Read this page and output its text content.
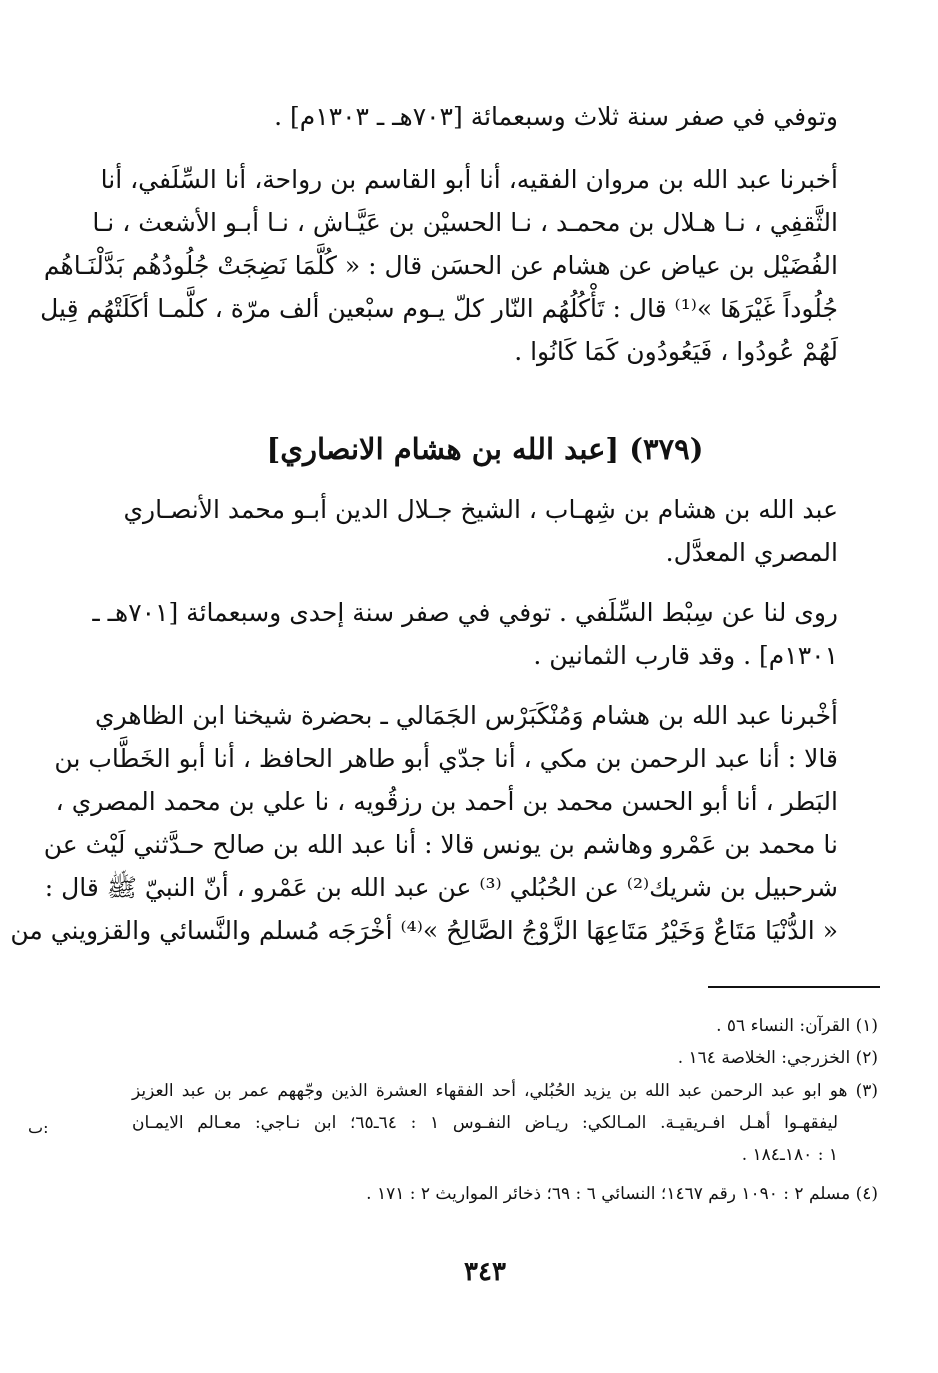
وتوفي في صفر سنة ثلاث وسبعمائة [٧٠٣هـ ـ ١٣٠٣م] .
أخبرنا عبد الله بن مروان الفقيه، أنا أبو القاسم بن رواحة، أنا السِّلَفي، أنا
الثَّقفِي ، نـا هـلال بن محمـد ، نـا الحسيْن بن عَيَّـاش ، نـا أبـو الأشعث ، نـا
الفُضَيْل بن عياض عن هشام عن الحسَن قال : « كُلَّمَا نَضِجَتْ جُلُودُهُم بَدَّلْنَـاهُم
جُلُوداً غَيْرَهَا »⁽¹⁾ قال : تَأْكُلُهُم النّار كلّ يـوم سبْعين ألف مرّة ، كلَّمـا أكَلَتْهُم قِيل
لَهُمْ عُودُوا ، فَيَعُودُون كَمَا كَانُوا .
(٣٧٩) [عبد الله بن هشام الانصاري]
عبد الله بن هشام بن شِهـاب ، الشيخ جـلال الدين أبـو محمد الأنصـاري
المصري المعدَّل.
روى لنا عن سِبْط السِّلَفي . توفي في صفر سنة إحدى وسبعمائة [٧٠١هـ ـ
١٣٠١م] . وقد قارب الثمانين .
أخْبرنا عبد الله بن هشام وَمُنْكَبَرْس الجَمَالي ـ بحضرة شيخنا ابن الظاهري
قالا : أنا عبد الرحمن بن مكي ، أنا جدّي أبو طاهر الحافظ ، أنا أبو الخَطَّاب بن
البَطر ، أنا أبو الحسن محمد بن أحمد بن رزقُويه ، نا علي بن محمد المصري ،
نا محمد بن عَمْرو وهاشم بن يونس قالا : أنا عبد الله بن صالح حـدَّثني لَيْث عن
شرحبيل بن شريك⁽²⁾ عن الحُبُلي ⁽³⁾ عن عبد الله بن عَمْرو ، أنّ النبيّ ﷺ قال :
« الدُّنْيَا مَتَاعٌ وَخَيْرُ مَتَاعِهَا الزَّوْجُ الصَّالِحُ »⁽⁴⁾ أخْرَجَه مُسلم والنَّسائي والقزويني من
(١) القرآن: النساء ٥٦ .
(٢) الخزرجي: الخلاصة ١٦٤ .
(٣) هو ابو عبد الرحمن عبد الله بن يزيد الحُبُلي، أحد الفقهاء العشرة الذين وجّههم عمر بن عبد العزيز
ليفقهـوا أهـل افـريقيـة. المـالكي: ريـاض النفـوس ١ : ٦٤ـ٦٥؛ ابن نـاجي: معـالم الايمـان
١ : ١٨٠ـ١٨٤ .
(٤) مسلم ٢ : ١٠٩٠ رقم ١٤٦٧؛ النسائي ٦ : ٦٩؛ ذخائر المواريث ٢ : ١٧١ .
ٮ:
٣٤٣
